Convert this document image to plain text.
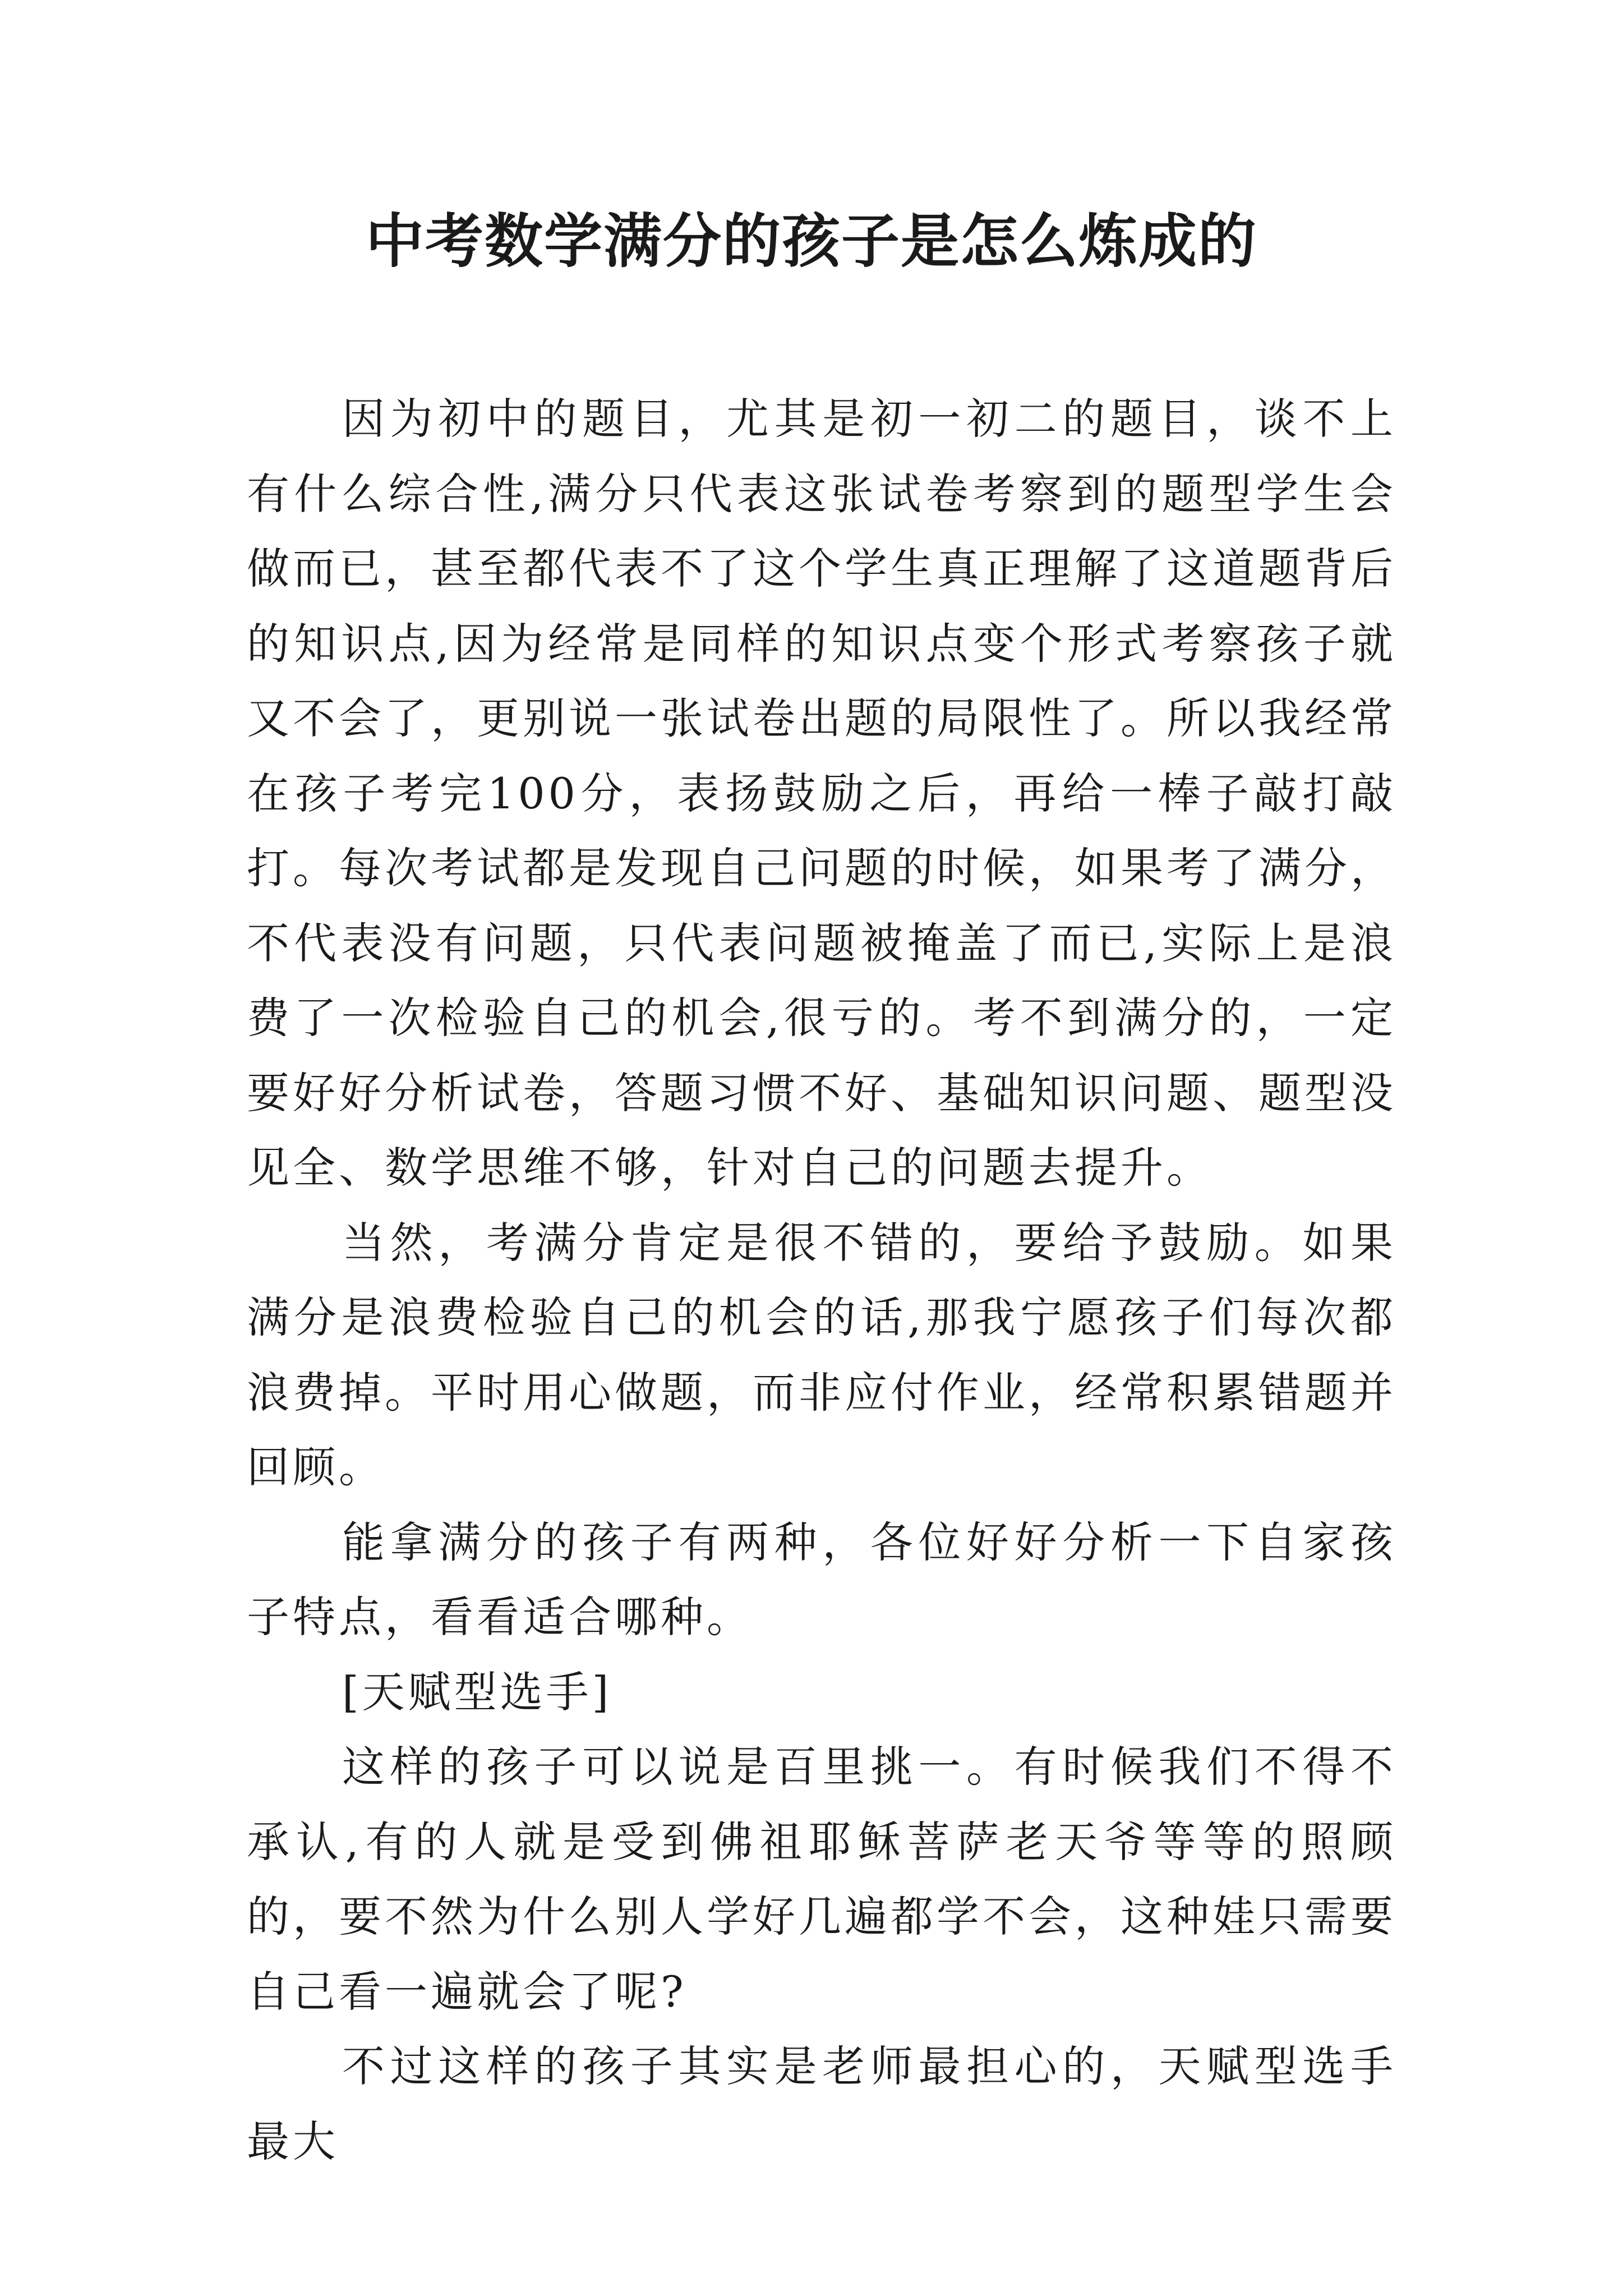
中考数学满分的孩子是怎么炼成的

因为初中的题目，尤其是初一初二的题目，谈不上有什么综合性,满分只代表这张试卷考察到的题型学生会做而已，甚至都代表不了这个学生真正理解了这道题背后的知识点,因为经常是同样的知识点变个形式考察孩子就又不会了，更别说一张试卷出题的局限性了。所以我经常在孩子考完100分，表扬鼓励之后，再给一棒子敲打敲打。每次考试都是发现自己问题的时候，如果考了满分，不代表没有问题，只代表问题被掩盖了而已,实际上是浪费了一次检验自己的机会,很亏的。考不到满分的，一定要好好分析试卷，答题习惯不好、基础知识问题、题型没见全、数学思维不够，针对自己的问题去提升。

当然，考满分肯定是很不错的，要给予鼓励。如果满分是浪费检验自己的机会的话,那我宁愿孩子们每次都浪费掉。平时用心做题，而非应付作业，经常积累错题并回顾。

能拿满分的孩子有两种，各位好好分析一下自家孩子特点，看看适合哪种。

[天赋型选手]

这样的孩子可以说是百里挑一。有时候我们不得不承认,有的人就是受到佛祖耶稣菩萨老天爷等等的照顾的，要不然为什么别人学好几遍都学不会，这种娃只需要自己看一遍就会了呢?

不过这样的孩子其实是老师最担心的，天赋型选手最大
